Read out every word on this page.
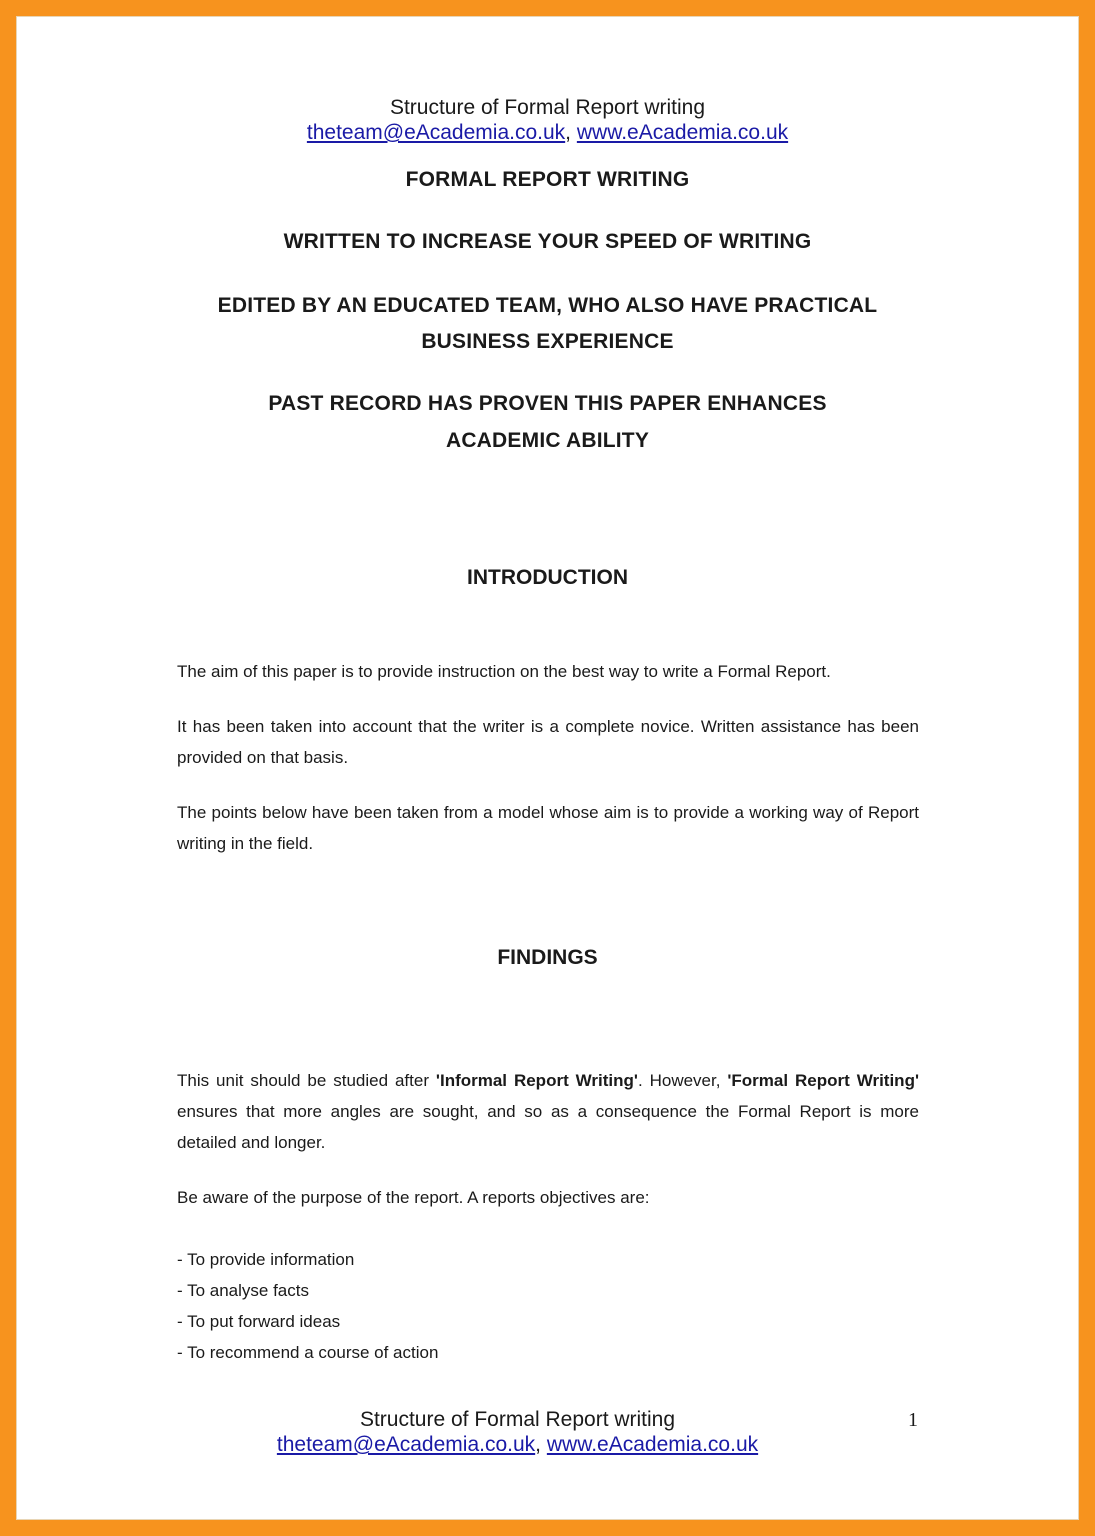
Structure of Formal Report writing
theteam@eAcademia.co.uk, www.eAcademia.co.uk
FORMAL REPORT WRITING
WRITTEN TO INCREASE YOUR SPEED OF WRITING
EDITED BY AN EDUCATED TEAM, WHO ALSO HAVE PRACTICAL
BUSINESS EXPERIENCE
PAST RECORD HAS PROVEN THIS PAPER ENHANCES
ACADEMIC ABILITY
INTRODUCTION
The aim of this paper is to provide instruction on the best way to write a Formal Report.
It has been taken into account that the writer is a complete novice. Written assistance has been provided on that basis.
The points below have been taken from a model whose aim is to provide a working way of Report writing in the field.
FINDINGS
This unit should be studied after 'Informal Report Writing'. However, 'Formal Report Writing' ensures that more angles are sought, and so as a consequence the Formal Report is more detailed and longer.
Be aware of the purpose of the report. A reports objectives are:
- To provide information
- To analyse facts
- To put forward ideas
- To recommend a course of action
Structure of Formal Report writing
theteam@eAcademia.co.uk, www.eAcademia.co.uk
1
